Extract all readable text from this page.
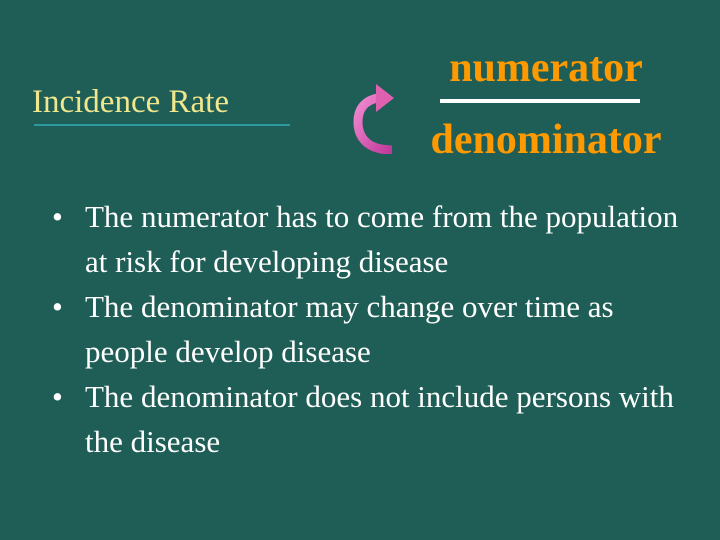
Incidence Rate
numerator
denominator
• The numerator has to come from the population at risk for developing disease
• The denominator may change over time as people develop disease
• The denominator does not include persons with the disease
